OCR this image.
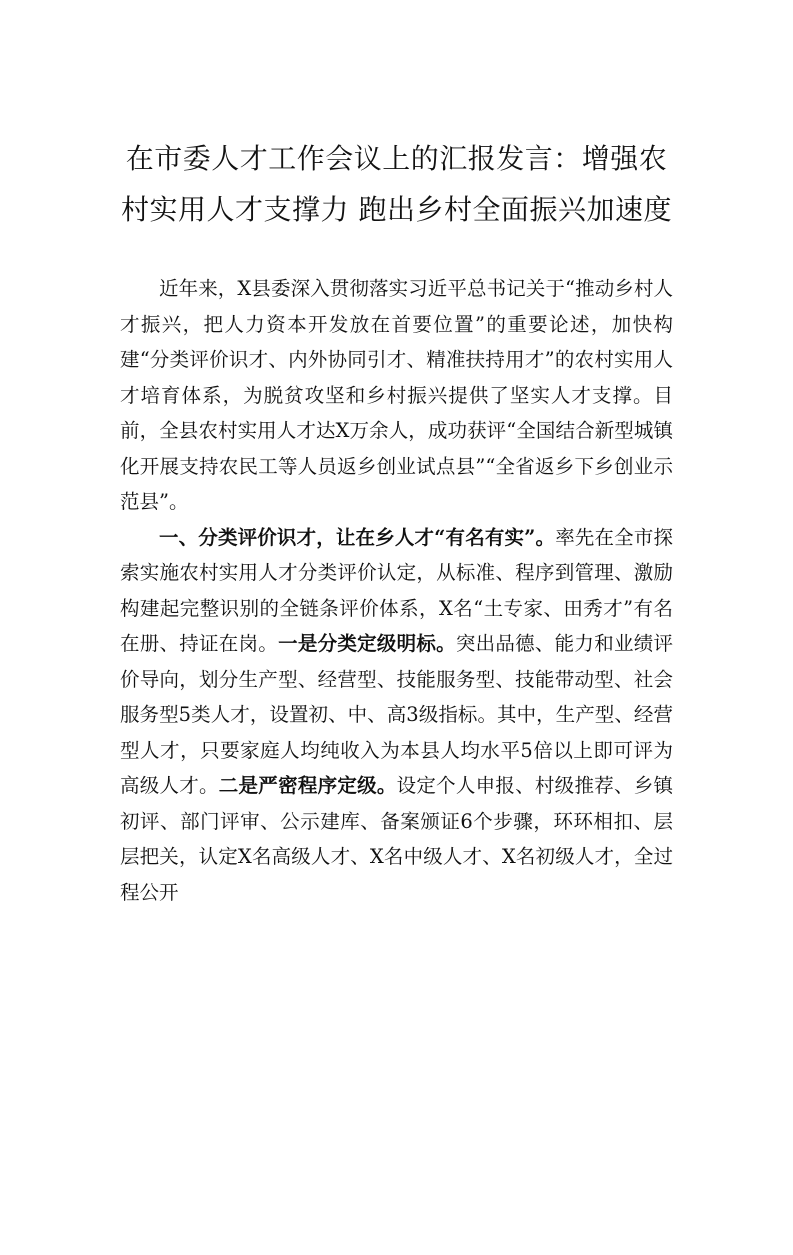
在市委人才工作会议上的汇报发言：增强农村实用人才支撑力 跑出乡村全面振兴加速度

近年来，X县委深入贯彻落实习近平总书记关于“推动乡村人才振兴，把人力资本开发放在首要位置”的重要论述，加快构建“分类评价识才、内外协同引才、精准扶持用才”的农村实用人才培育体系，为脱贫攻坚和乡村振兴提供了坚实人才支撑。目前，全县农村实用人才达X万余人，成功获评“全国结合新型城镇化开展支持农民工等人员返乡创业试点县”“全省返乡下乡创业示范县”。

一、分类评价识才，让在乡人才“有名有实”。率先在全市探索实施农村实用人才分类评价认定，从标准、程序到管理、激励构建起完整识别的全链条评价体系，X名“土专家、田秀才”有名在册、持证在岗。一是分类定级明标。突出品德、能力和业绩评价导向，划分生产型、经营型、技能服务型、技能带动型、社会服务型5类人才，设置初、中、高3级指标。其中，生产型、经营型人才，只要家庭人均纯收入为本县人均水平5倍以上即可评为高级人才。二是严密程序定级。设定个人申报、村级推荐、乡镇初评、部门评审、公示建库、备案颁证6个步骤，环环相扣、层层把关，认定X名高级人才、X名中级人才、X名初级人才，全过程公开
